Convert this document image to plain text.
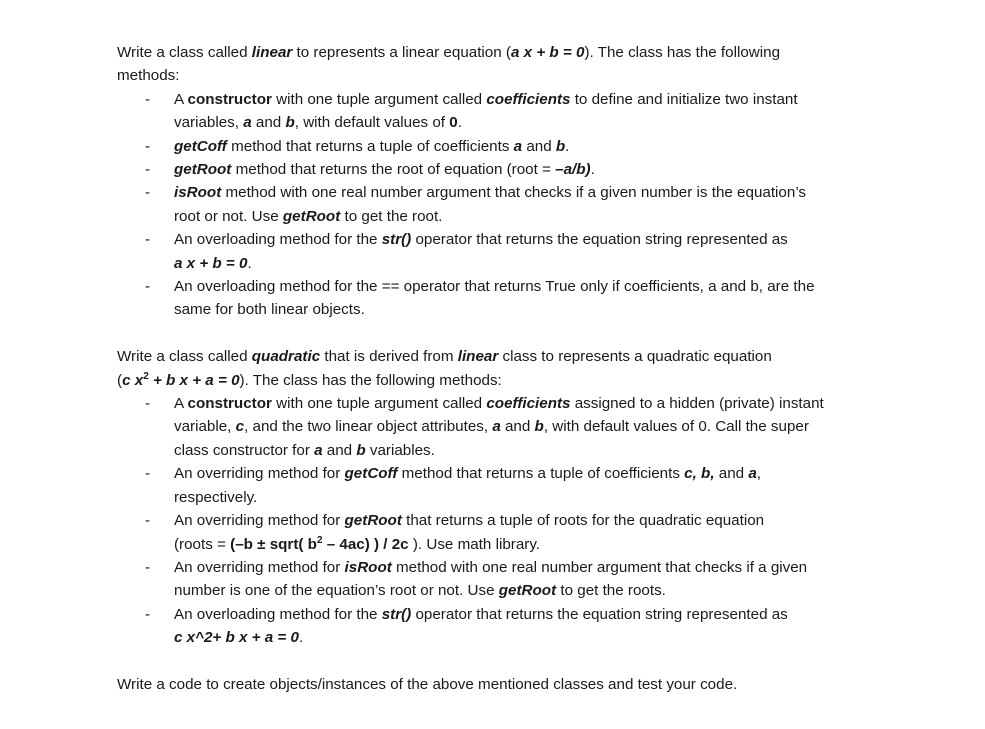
Write a class called linear to represents a linear equation (a x + b = 0). The class has the following
methods:
-	A constructor with one tuple argument called coefficients to define and initialize two instant
variables, a and b, with default values of 0.
-	getCoff method that returns a tuple of coefficients a and b.
-	getRoot method that returns the root of equation (root = –a/b).
-	isRoot method with one real number argument that checks if a given number is the equation’s
root or not. Use getRoot to get the root.
-	An overloading method for the str() operator that returns the equation string represented as
a x + b = 0.
-	An overloading method for the == operator that returns True only if coefficients, a and b, are the
same for both linear objects.
Write a class called quadratic that is derived from linear class to represents a quadratic equation
(c $x^2 + b$ x + a = 0). The class has the following methods:
-	A constructor with one tuple argument called coefficients assigned to a hidden (private) instant
variable, c, and the two linear object attributes, a and b, with default values of 0. Call the super
class constructor for a and b variables.
-	An overriding method for getCoff method that returns a tuple of coefficients c, b, and a,
respectively.
-	An overriding method for getRoot that returns a tuple of roots for the quadratic equation
(roots = (–b ± sqrt( $b^2 - 4ac$) ) / 2c ). Use math library.
-	An overriding method for isRoot method with one real number argument that checks if a given
number is one of the equation’s root or not. Use getRoot to get the roots.
-	An overloading method for the str() operator that returns the equation string represented as
c x^2+ b x + a = 0.
Write a code to create objects/instances of the above mentioned classes and test your code.
